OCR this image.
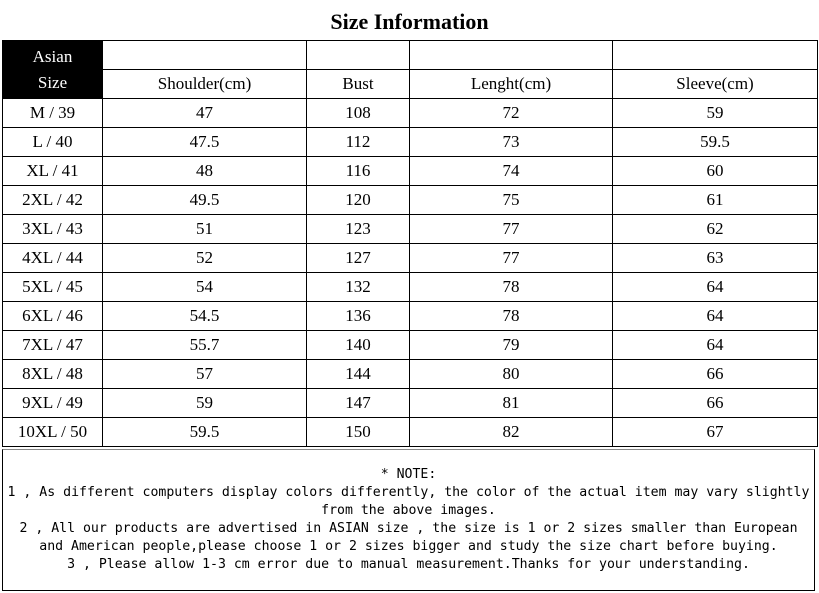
Size Information
Asian
Size	Shoulder(cm)	Bust	Lenght(cm)	Sleeve(cm)

M / 39	47	108	72	59
L / 40	47.5	112	73	59.5
XL / 41	48	116	74	60
2XL / 42	49.5	120	75	61
3XL / 43	51	123	77	62
4XL / 44	52	127	77	63
5XL / 45	54	132	78	64
6XL / 46	54.5	136	78	64
7XL / 47	55.7	140	79	64
8XL / 48	57	144	80	66
9XL / 49	59	147	81	66
10XL / 50	59.5	150	82	67
* NOTE:
1 , As different computers display colors differently, the color of the actual item may vary slightly
from the above images.
2 , All our products are advertised in ASIAN size , the size is 1 or 2 sizes smaller than European
and American people,please choose 1 or 2 sizes bigger and study the size chart before buying.
3 , Please allow 1-3 cm error due to manual measurement.Thanks for your understanding.
